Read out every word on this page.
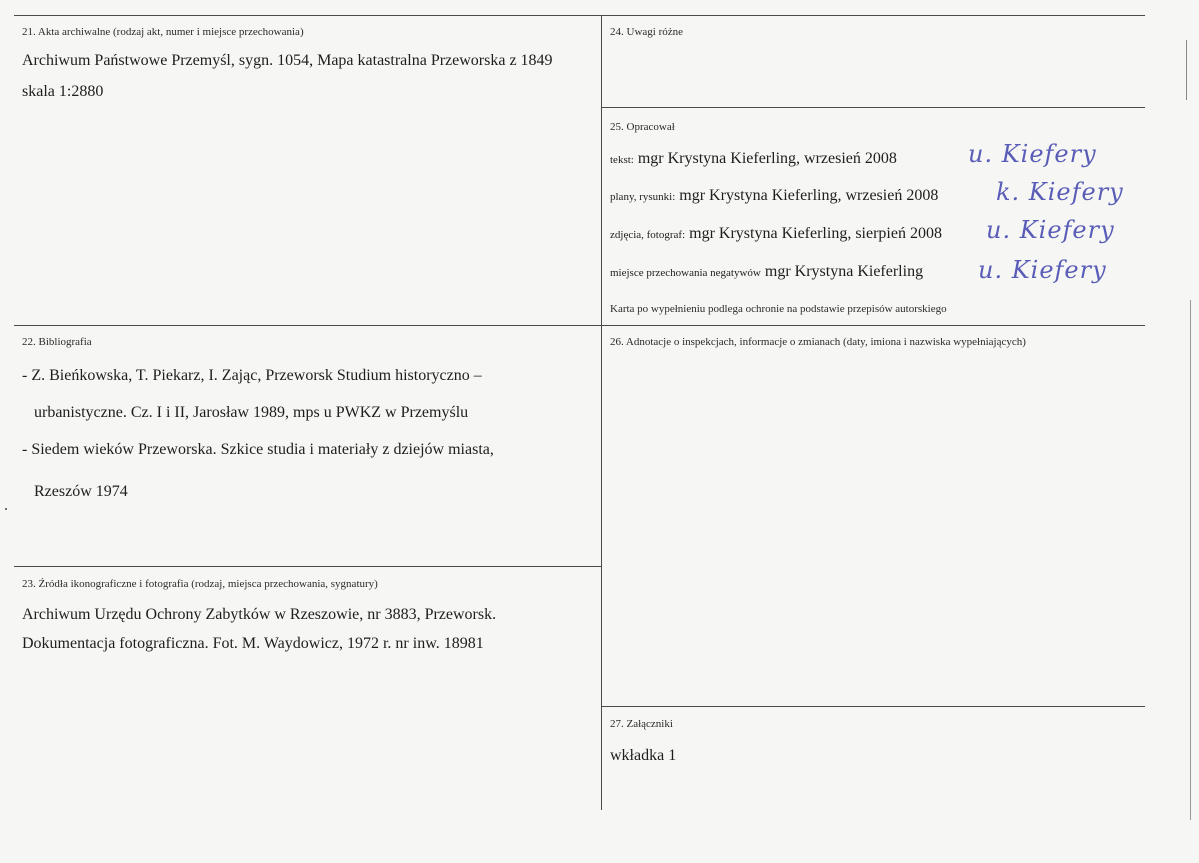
21. Akta archiwalne (rodzaj akt, numer i miejsce przechowania)
Archiwum Państwowe Przemyśl, sygn. 1054, Mapa katastralna Przeworska z 1849
skala 1:2880
24. Uwagi różne
25. Opracował
tekst: mgr Krystyna Kieferling, wrzesień 2008	u. Kiefery
plany, rysunki: mgr Krystyna Kieferling, wrzesień 2008 k. Kiefery
zdjęcia, fotograf: mgr Krystyna Kieferling, sierpień 2008 u. Kiefery
miejsce przechowania negatywów mgr Krystyna Kieferling u. Kiefery
Karta po wypełnieniu podlega ochronie na podstawie przepisów autorskiego
22. Bibliografia
- Z. Bieńkowska, T. Piekarz, I. Zając, Przeworsk Studium historyczno –
urbanistyczne. Cz. I i II, Jarosław 1989, mps u PWKZ w Przemyślu
- Siedem wieków Przeworska. Szkice studia i materiały z dziejów miasta,
Rzeszów 1974
26. Adnotacje o inspekcjach, informacje o zmianach (daty, imiona i nazwiska wypełniających)
23. Źródła ikonograficzne i fotografia (rodzaj, miejsca przechowania, sygnatury)
Archiwum Urzędu Ochrony Zabytków w Rzeszowie, nr 3883, Przeworsk.
Dokumentacja fotograficzna. Fot. M. Waydowicz, 1972 r. nr inw. 18981
27. Załączniki
wkładka 1
